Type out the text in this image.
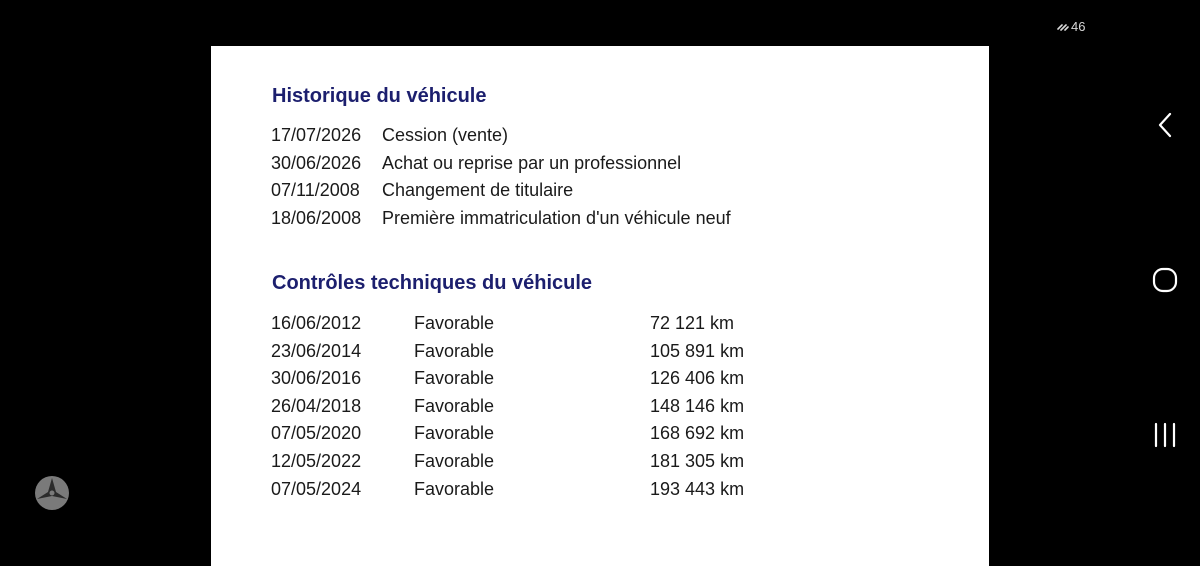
46
Historique du véhicule
17/07/2026 Cession (vente)
30/06/2026 Achat ou reprise par un professionnel
07/11/2008 Changement de titulaire
18/06/2008 Première immatriculation d'un véhicule neuf
Contrôles techniques du véhicule
16/06/2012	Favorable	72 121 km
23/06/2014	Favorable	105 891 km
30/06/2016	Favorable	126 406 km
26/04/2018	Favorable	148 146 km
07/05/2020	Favorable	168 692 km
12/05/2022	Favorable	181 305 km
07/05/2024	Favorable	193 443 km
